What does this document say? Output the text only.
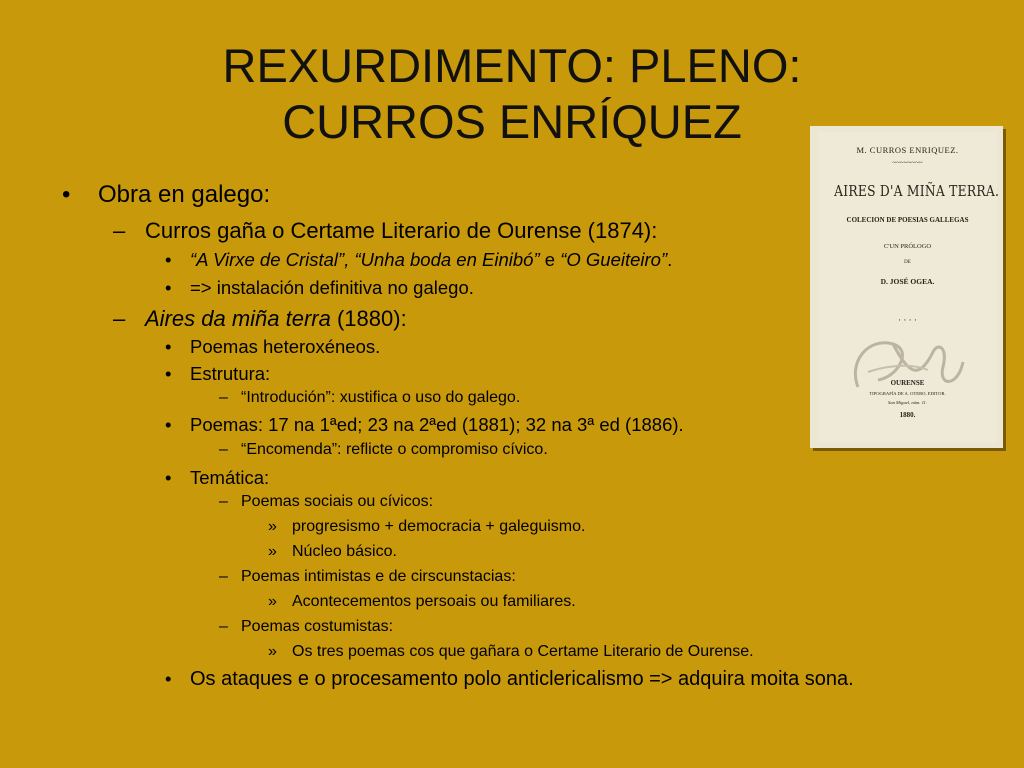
REXURDIMENTO: PLENO:
CURROS ENRÍQUEZ
• Obra en galego:
– Curros gaña o Certame Literario de Ourense (1874):
• “A Virxe de Cristal”, “Unha boda en Einibó” e “O Gueiteiro”.
• => instalación definitiva no galego.
– Aires da miña terra (1880):
• Poemas heteroxéneos.
• Estrutura:
– “Introdución”: xustifica o uso do galego.
• Poemas: 17 na 1ªed; 23 na 2ªed (1881); 32 na 3ª ed (1886).
– “Encomenda”: reflicte o compromiso cívico.
• Temática:
– Poemas sociais ou cívicos:
» progresismo + democracia + galeguismo.
» Núcleo básico.
– Poemas intimistas e de cirscunstacias:
» Acontecementos persoais ou familiares.
– Poemas costumistas:
» Os tres poemas cos que gañara o Certame Literario de Ourense.
• Os ataques e o procesamento polo anticlericalismo => adquira moita sona.
M. CURROS ENRIQUEZ.
~~~~~~~~
AIRES D'A MIÑA TERRA.
COLECION DE POESIAS GALLEGAS
C'UN PRÓLOGO
DE
D. JOSÉ OGEA.
· · · ·
OURENSE
TIPOGRAFÍA DE A. OTERO, EDITOR.
San Miguel, núm. 11.
1880.
